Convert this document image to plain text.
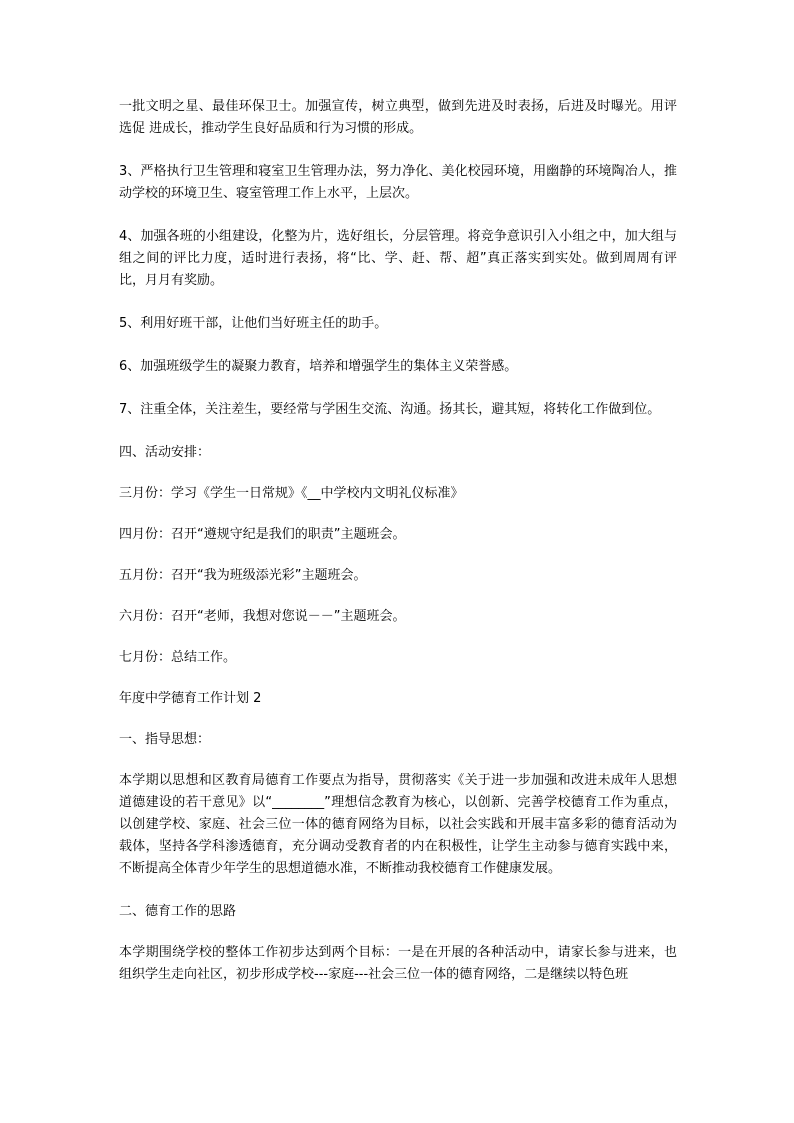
一批文明之星、最佳环保卫士。加强宣传，树立典型，做到先进及时表扬，后进及时曝光。用评选促 进成长，推动学生良好品质和行为习惯的形成。

3、严格执行卫生管理和寝室卫生管理办法，努力净化、美化校园环境，用幽静的环境陶冶人，推动学校的环境卫生、寝室管理工作上水平，上层次。

4、加强各班的小组建设，化整为片，选好组长，分层管理。将竞争意识引入小组之中，加大组与组之间的评比力度，适时进行表扬，将“比、学、赶、帮、超”真正落实到实处。做到周周有评比，月月有奖励。

5、利用好班干部，让他们当好班主任的助手。

6、加强班级学生的凝聚力教育，培养和增强学生的集体主义荣誉感。

7、注重全体，关注差生，要经常与学困生交流、沟通。扬其长，避其短，将转化工作做到位。

四、活动安排：

三月份：学习《学生一日常规》《__中学校内文明礼仪标准》

四月份：召开“遵规守纪是我们的职责”主题班会。

五月份：召开“我为班级添光彩”主题班会。

六月份：召开“老师，我想对您说－－”主题班会。

七月份：总结工作。

年度中学德育工作计划 2

一、指导思想：

本学期以思想和区教育局德育工作要点为指导，贯彻落实《关于进一步加强和改进未成年人思想道德建设的若干意见》以“________”理想信念教育为核心，以创新、完善学校德育工作为重点，以创建学校、家庭、社会三位一体的德育网络为目标，以社会实践和开展丰富多彩的德育活动为载体，坚持各学科渗透德育，充分调动受教育者的内在积极性，让学生主动参与德育实践中来，不断提高全体青少年学生的思想道德水准，不断推动我校德育工作健康发展。

二、德育工作的思路

本学期围绕学校的整体工作初步达到两个目标：一是在开展的各种活动中，请家长参与进来，也组织学生走向社区，初步形成学校---家庭---社会三位一体的德育网络，二是继续以特色班
